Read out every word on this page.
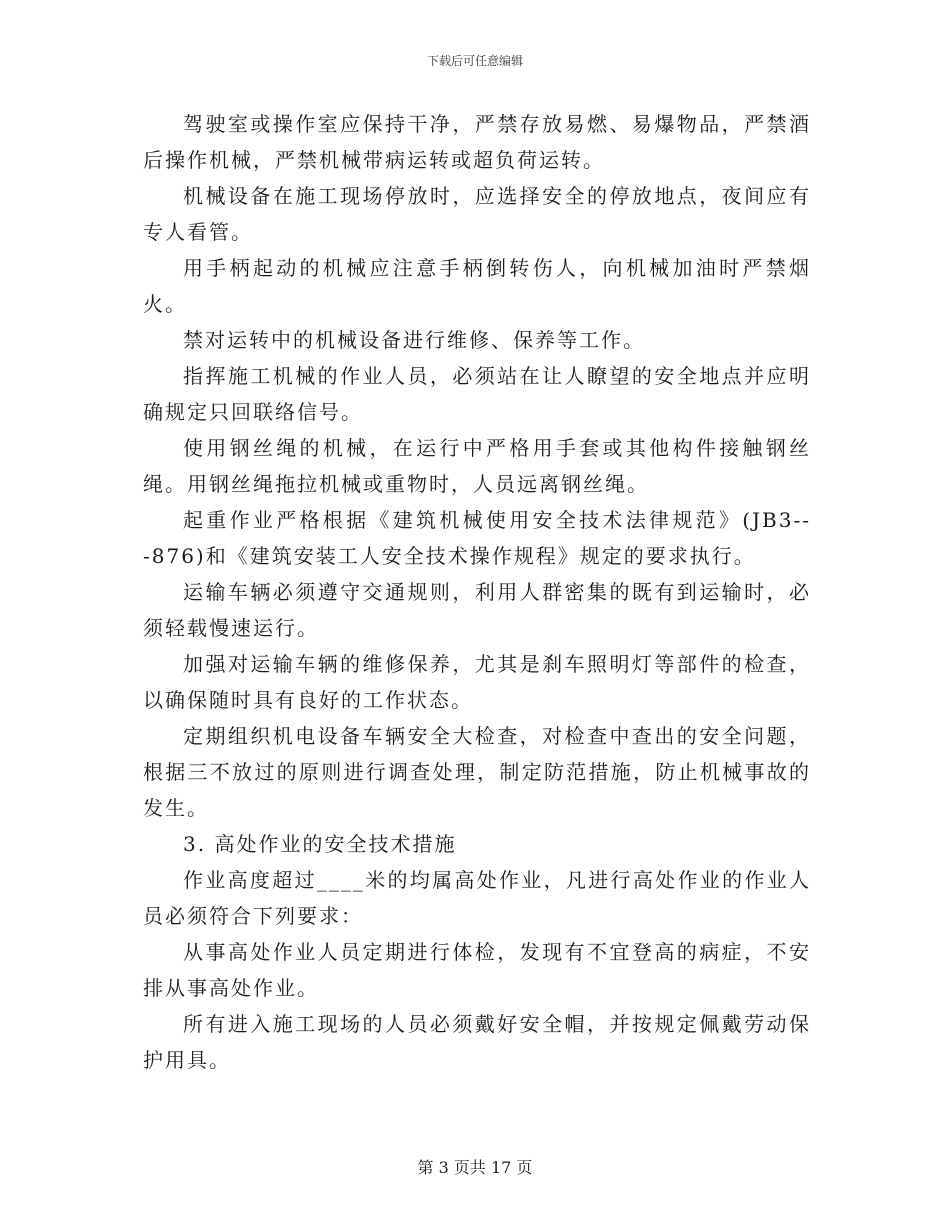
下载后可任意编辑

驾驶室或操作室应保持干净，严禁存放易燃、易爆物品，严禁酒后操作机械，严禁机械带病运转或超负荷运转。

机械设备在施工现场停放时，应选择安全的停放地点，夜间应有专人看管。

用手柄起动的机械应注意手柄倒转伤人，向机械加油时严禁烟火。

禁对运转中的机械设备进行维修、保养等工作。

指挥施工机械的作业人员，必须站在让人瞭望的安全地点并应明确规定只回联络信号。

使用钢丝绳的机械，在运行中严格用手套或其他构件接触钢丝绳。用钢丝绳拖拉机械或重物时，人员远离钢丝绳。

起重作业严格根据《建筑机械使用安全技术法律规范》(JB3---876)和《建筑安装工人安全技术操作规程》规定的要求执行。

运输车辆必须遵守交通规则，利用人群密集的既有到运输时，必须轻载慢速运行。

加强对运输车辆的维修保养，尤其是刹车照明灯等部件的检查，以确保随时具有良好的工作状态。

定期组织机电设备车辆安全大检查，对检查中查出的安全问题，根据三不放过的原则进行调查处理，制定防范措施，防止机械事故的发生。

3. 高处作业的安全技术措施

作业高度超过____米的均属高处作业，凡进行高处作业的作业人员必须符合下列要求：

从事高处作业人员定期进行体检，发现有不宜登高的病症，不安排从事高处作业。

所有进入施工现场的人员必须戴好安全帽，并按规定佩戴劳动保护用具。

第 3 页共 17 页
